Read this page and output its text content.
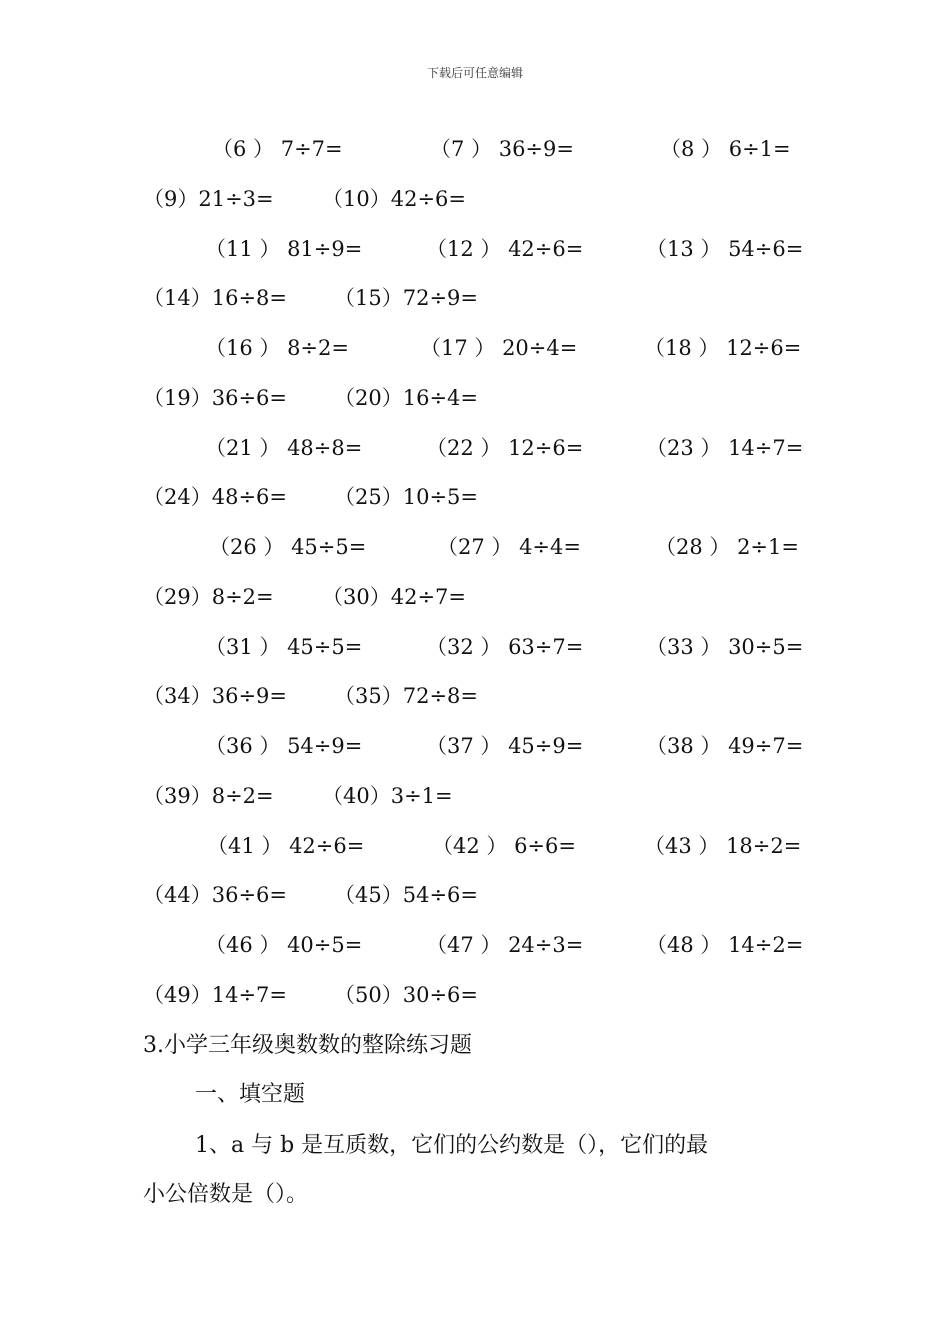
下载后可任意编辑
（6 ） 7÷7=	（7 ） 36÷9=	（8 ） 6÷1=
（9）21÷3= （10）42÷6=
（11 ） 81÷9=	（12 ） 42÷6=	（13 ） 54÷6=
（14）16÷8= （15）72÷9=
（16 ） 8÷2=	（17 ） 20÷4=	（18 ） 12÷6=
（19）36÷6= （20）16÷4=
（21 ） 48÷8=	（22 ） 12÷6=	（23 ） 14÷7=
（24）48÷6= （25）10÷5=
（26 ） 45÷5=	（27 ） 4÷4=	（28 ） 2÷1=
（29）8÷2= （30）42÷7=
（31 ） 45÷5=	（32 ） 63÷7=	（33 ） 30÷5=
（34）36÷9= （35）72÷8=
（36 ） 54÷9=	（37 ） 45÷9=	（38 ） 49÷7=
（39）8÷2= （40）3÷1=
（41 ） 42÷6=	（42 ） 6÷6=	（43 ） 18÷2=
（44）36÷6= （45）54÷6=
（46 ） 40÷5=	（47 ） 24÷3=	（48 ） 14÷2=
（49）14÷7= （50）30÷6=
3.小学三年级奥数数的整除练习题
一、填空题
1、a 与 b 是互质数，它们的公约数是（），它们的最
小公倍数是（）。
